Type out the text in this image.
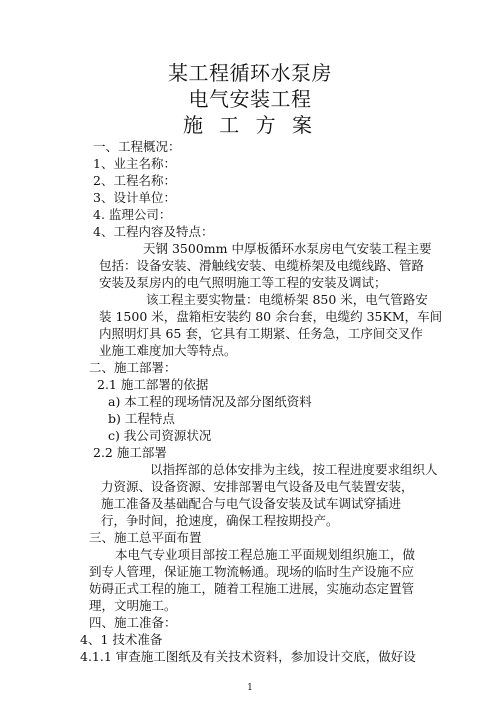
某工程循环水泵房
电气安装工程
施 工 方 案
一、工程概况：
1、业主名称：
2、工程名称：
3、设计单位：
4. 监理公司：
4、工程内容及特点：
天钢 3500mm 中厚板循环水泵房电气安装工程主要
包括：设备安装、滑触线安装、电缆桥架及电缆线路、管路
安装及泵房内的电气照明施工等工程的安装及调试；
该工程主要实物量：电缆桥架 850 米，电气管路安
装 1500 米，盘箱柜安装约 80 余台套，电缆约 35KM，车间
内照明灯具 65 套，它具有工期紧、任务急，工序间交叉作
业施工难度加大等特点。
二、施工部署：
2.1 施工部署的依据
a) 本工程的现场情况及部分图纸资料
b) 工程特点
c) 我公司资源状况
2.2 施工部署
以指挥部的总体安排为主线，按工程进度要求组织人
力资源、设备资源、安排部署电气设备及电气装置安装，
施工准备及基础配合与电气设备安装及试车调试穿插进
行，争时间，抢速度，确保工程按期投产。
三、施工总平面布置
本电气专业项目部按工程总施工平面规划组织施工，做
到专人管理，保证施工物流畅通。现场的临时生产设施不应
妨碍正式工程的施工，随着工程施工进展，实施动态定置管
理，文明施工。
四、施工准备：
4、1 技术准备
4.1.1 审查施工图纸及有关技术资料，参加设计交底，做好设
1
